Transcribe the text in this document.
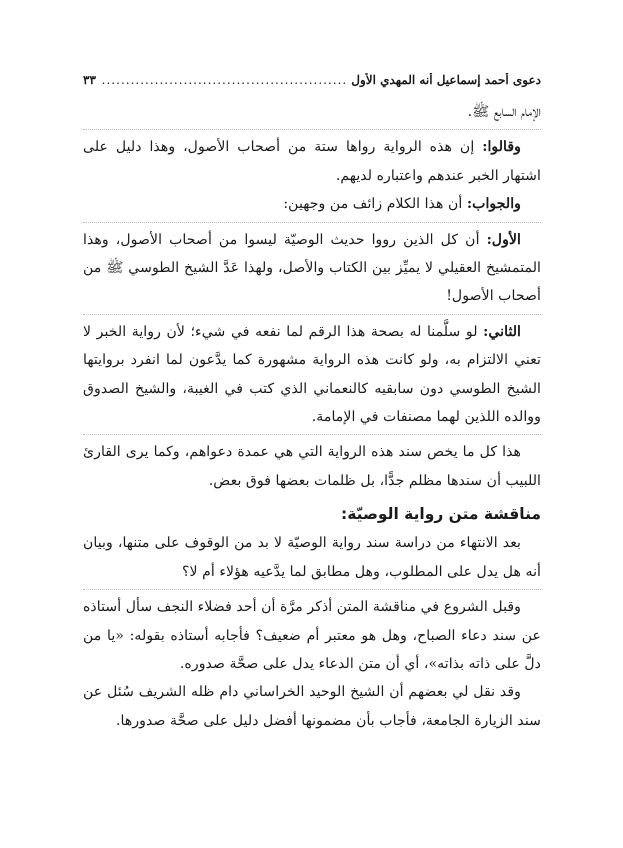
دعوى أحمد إسماعيل أنه المهدي الأول
.....
٣٣

الإمام السابع ﷺ.

وقالوا: إن هذه الرواية رواها ستة من أصحاب الأصول، وهذا دليل على اشتهار الخبر عندهم واعتباره لديهم.

والجواب: أن هذا الكلام زائف من وجهين:

الأول: أن كل الذين رووا حديث الوصيّة ليسوا من أصحاب الأصول، وهذا المتمشيخ العقيلي لا يميِّز بين الكتاب والأصل، ولهذا عَدَّ الشيخ الطوسي ﷺ من أصحاب الأصول!

الثاني: لو سلَّمنا له بصحة هذا الرقم لما نفعه في شيء؛ لأن رواية الخبر لا تعني الالتزام به، ولو كانت هذه الرواية مشهورة كما يدَّعون لما انفرد بروايتها الشيخ الطوسي دون سابقيه كالنعماني الذي كتب في الغيبة، والشيخ الصدوق ووالده اللذين لهما مصنفات في الإمامة.

هذا كل ما يخص سند هذه الرواية التي هي عمدة دعواهم، وكما يرى القارئ اللبيب أن سندها مظلم جدًّا، بل ظلمات بعضها فوق بعض.

مناقشة متن رواية الوصيّة:

بعد الانتهاء من دراسة سند رواية الوصيّة لا بد من الوقوف على متنها، وبيان أنه هل يدل على المطلوب، وهل مطابق لما يدَّعيه هؤلاء أم لا؟

وقبل الشروع في مناقشة المتن أذكر مرَّة أن أحد فضلاء النجف سأل أستاذه عن سند دعاء الصباح، وهل هو معتبر أم ضعيف؟ فأجابه أستاذه بقوله: «يا من دلَّ على ذاته بذاته»، أي أن متن الدعاء يدل على صحَّة صدوره.

وقد نقل لي بعضهم أن الشيخ الوحيد الخراساني دام ظله الشريف سُئل عن سند الزيارة الجامعة، فأجاب بأن مضمونها أفضل دليل على صحَّة صدورها.
